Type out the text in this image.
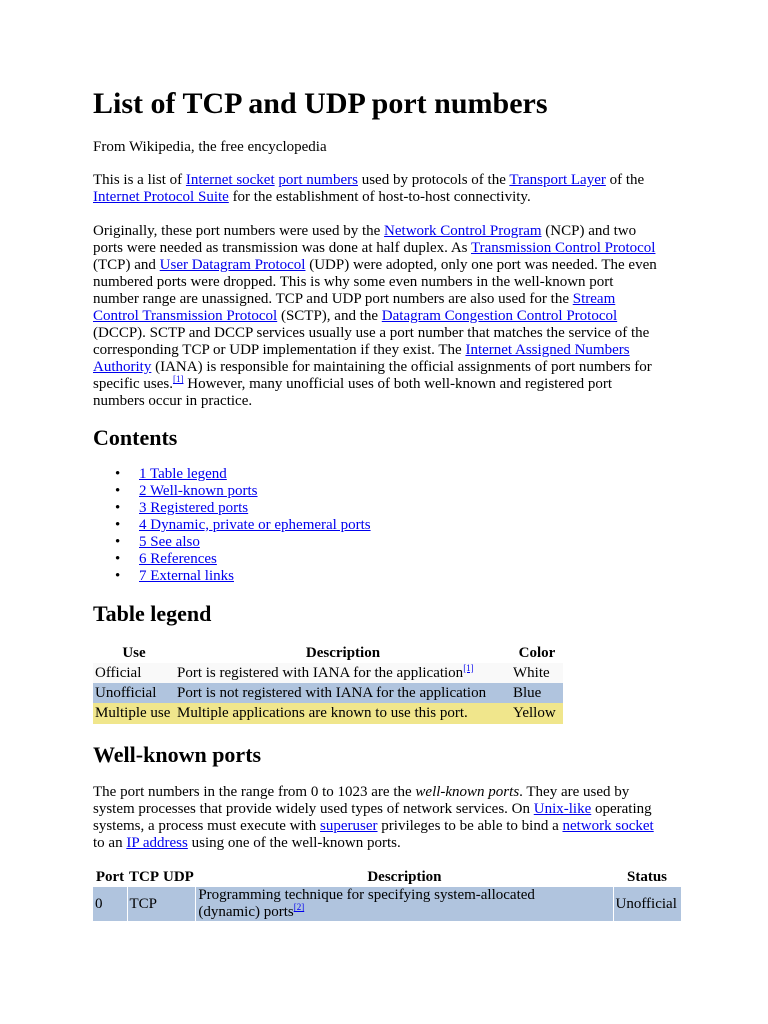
List of TCP and UDP port numbers

From Wikipedia, the free encyclopedia

This is a list of Internet socket port numbers used by protocols of the Transport Layer of the
Internet Protocol Suite for the establishment of host-to-host connectivity.

Originally, these port numbers were used by the Network Control Program (NCP) and two
ports were needed as transmission was done at half duplex. As Transmission Control Protocol
(TCP) and User Datagram Protocol (UDP) were adopted, only one port was needed. The even
numbered ports were dropped. This is why some even numbers in the well-known port
number range are unassigned. TCP and UDP port numbers are also used for the Stream
Control Transmission Protocol (SCTP), and the Datagram Congestion Control Protocol
(DCCP). SCTP and DCCP services usually use a port number that matches the service of the
corresponding TCP or UDP implementation if they exist. The Internet Assigned Numbers
Authority (IANA) is responsible for maintaining the official assignments of port numbers for
specific uses.[1] However, many unofficial uses of both well-known and registered port
numbers occur in practice.

Contents
• 1 Table legend
• 2 Well-known ports
• 3 Registered ports
• 4 Dynamic, private or ephemeral ports
• 5 See also
• 6 References
• 7 External links
Table legend
Use	Description	Color
Official	Port is registered with IANA for the application[1]	White
Unofficial	Port is not registered with IANA for the application	Blue
Multiple use	Multiple applications are known to use this port.	Yellow
Well-known ports

The port numbers in the range from 0 to 1023 are the well-known ports. They are used by
system processes that provide widely used types of network services. On Unix-like operating
systems, a process must execute with superuser privileges to be able to bind a network socket
to an IP address using one of the well-known ports.

Port	TCP	UDP	Description	Status
0	TCP		Programming technique for specifying system-allocated
(dynamic) ports[2]	Unofficial
